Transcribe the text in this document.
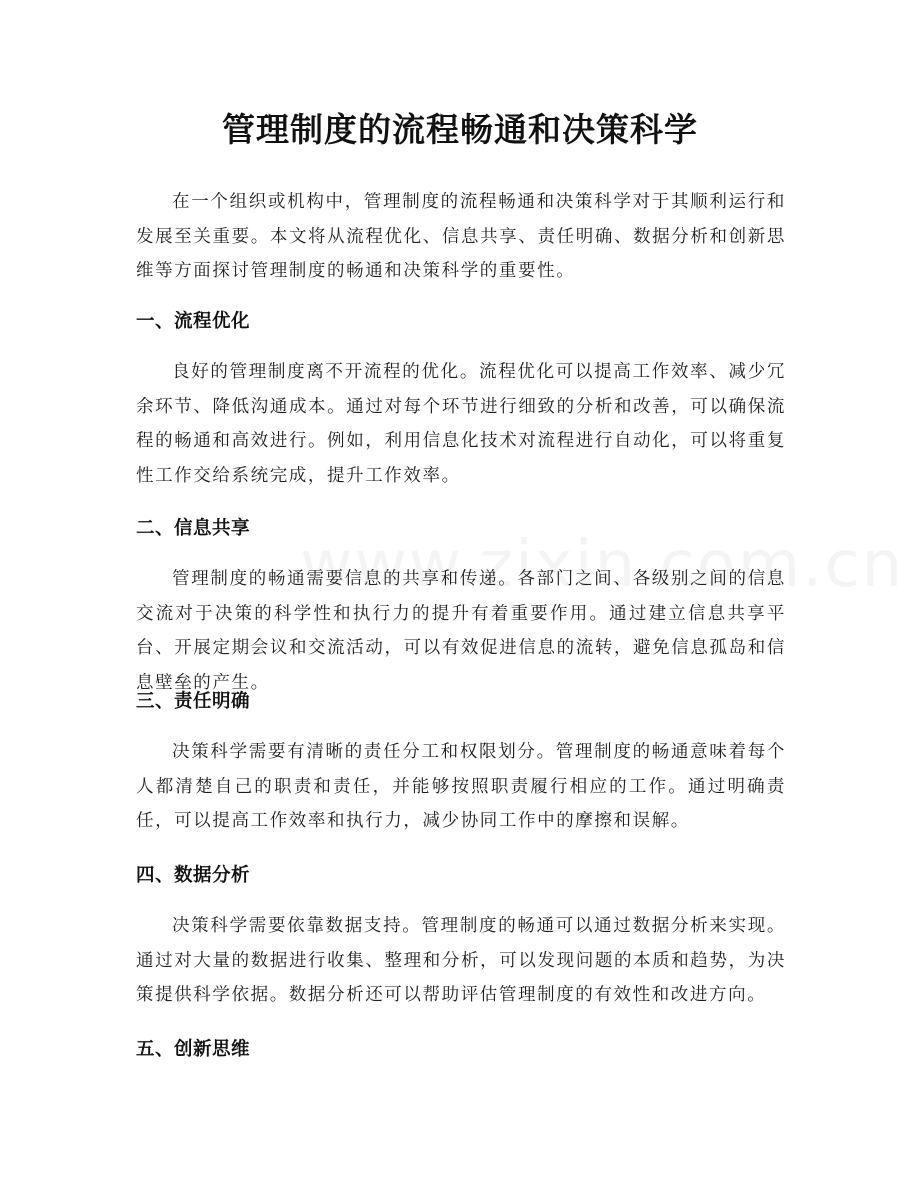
管理制度的流程畅通和决策科学

在一个组织或机构中，管理制度的流程畅通和决策科学对于其顺利运行和发展至关重要。本文将从流程优化、信息共享、责任明确、数据分析和创新思维等方面探讨管理制度的畅通和决策科学的重要性。

一、流程优化

良好的管理制度离不开流程的优化。流程优化可以提高工作效率、减少冗余环节、降低沟通成本。通过对每个环节进行细致的分析和改善，可以确保流程的畅通和高效进行。例如，利用信息化技术对流程进行自动化，可以将重复性工作交给系统完成，提升工作效率。

二、信息共享

管理制度的畅通需要信息的共享和传递。各部门之间、各级别之间的信息交流对于决策的科学性和执行力的提升有着重要作用。通过建立信息共享平台、开展定期会议和交流活动，可以有效促进信息的流转，避免信息孤岛和信息壁垒的产生。

三、责任明确

决策科学需要有清晰的责任分工和权限划分。管理制度的畅通意味着每个人都清楚自己的职责和责任，并能够按照职责履行相应的工作。通过明确责任，可以提高工作效率和执行力，减少协同工作中的摩擦和误解。

四、数据分析

决策科学需要依靠数据支持。管理制度的畅通可以通过数据分析来实现。通过对大量的数据进行收集、整理和分析，可以发现问题的本质和趋势，为决策提供科学依据。数据分析还可以帮助评估管理制度的有效性和改进方向。

五、创新思维
